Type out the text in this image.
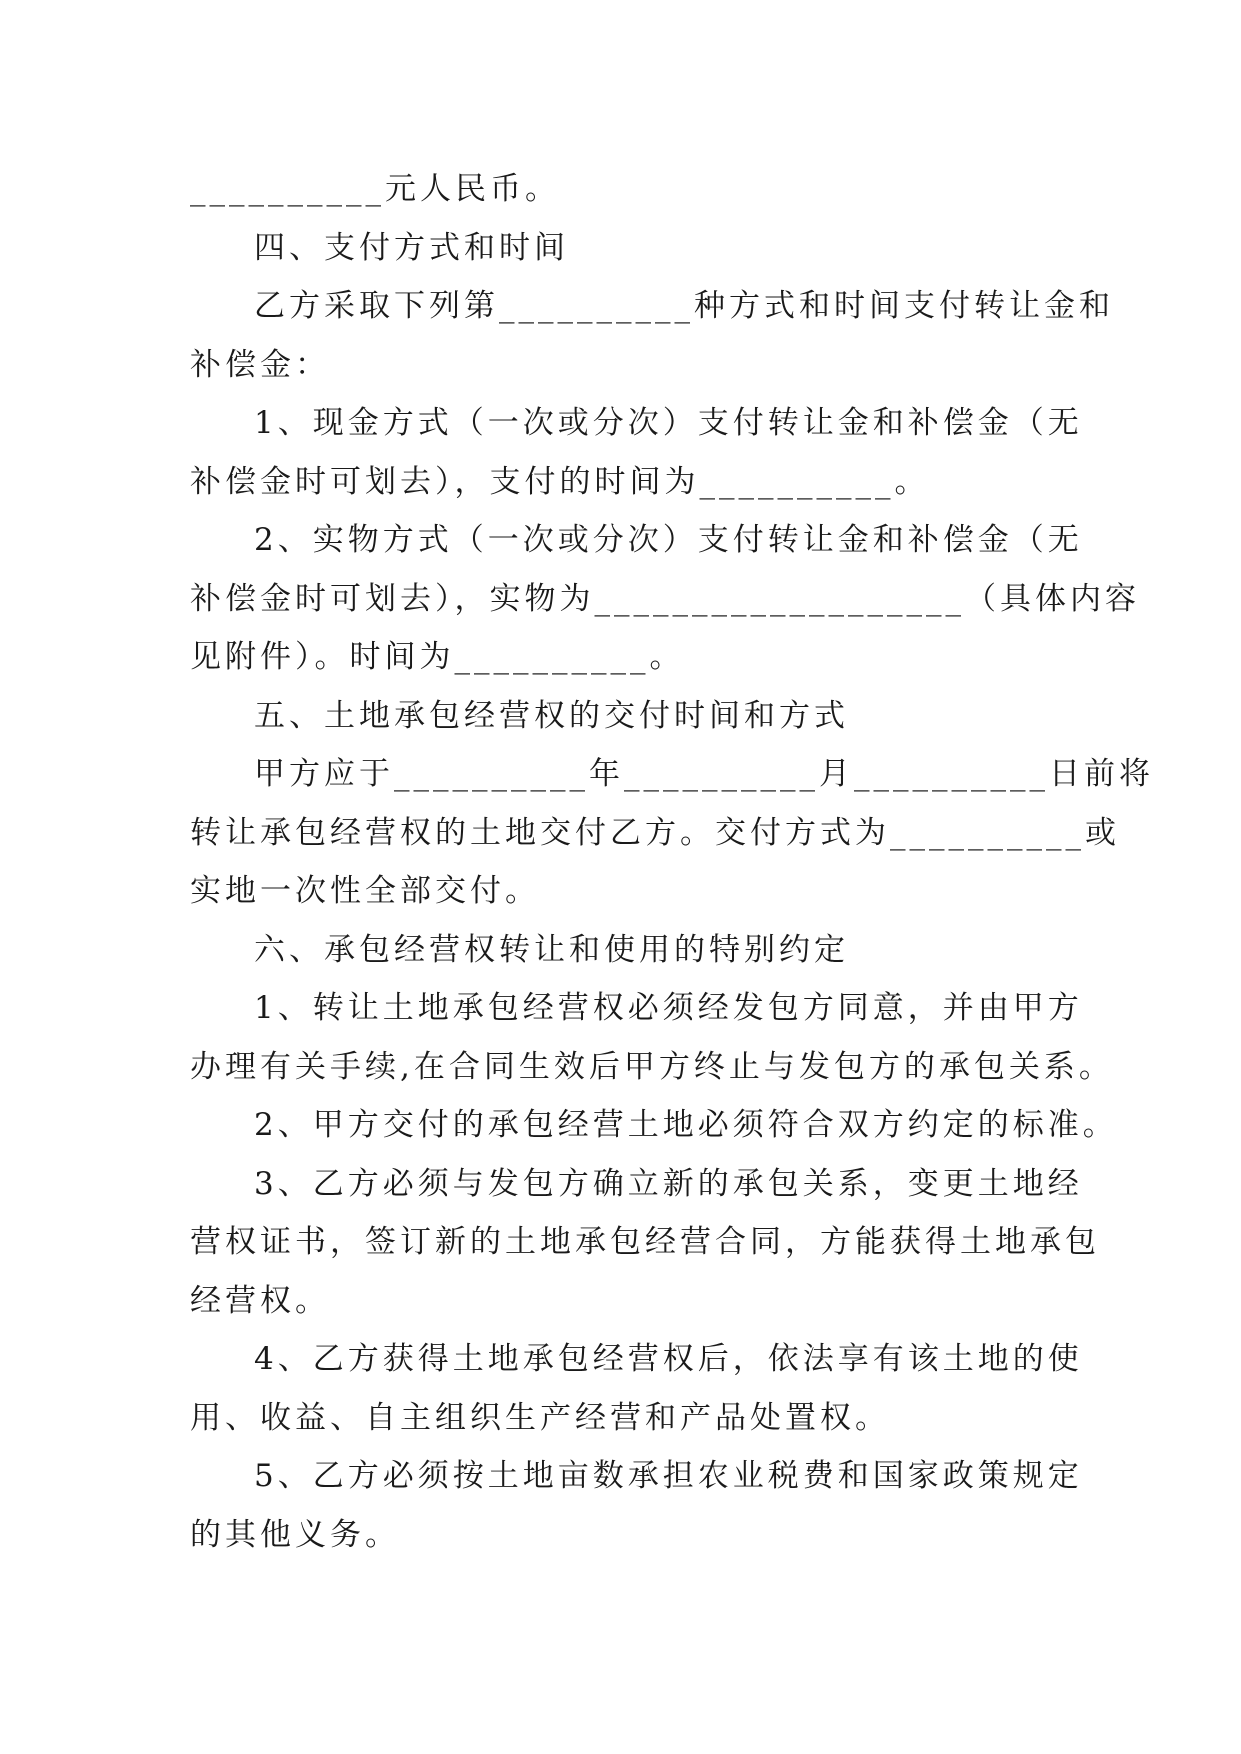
__________元人民币。
四、支付方式和时间
乙方采取下列第__________种方式和时间支付转让金和
补偿金：
1、现金方式（一次或分次）支付转让金和补偿金（无
补偿金时可划去），支付的时间为__________。
2、实物方式（一次或分次）支付转让金和补偿金（无
补偿金时可划去），实物为___________________（具体内容
见附件）。时间为__________。
五、土地承包经营权的交付时间和方式
甲方应于__________年__________月__________日前将
转让承包经营权的土地交付乙方。交付方式为__________或
实地一次性全部交付。
六、承包经营权转让和使用的特别约定
1、转让土地承包经营权必须经发包方同意，并由甲方
办理有关手续,在合同生效后甲方终止与发包方的承包关系。
2、甲方交付的承包经营土地必须符合双方约定的标准。
3、乙方必须与发包方确立新的承包关系，变更土地经
营权证书，签订新的土地承包经营合同，方能获得土地承包
经营权。
4、乙方获得土地承包经营权后，依法享有该土地的使
用、收益、自主组织生产经营和产品处置权。
5、乙方必须按土地亩数承担农业税费和国家政策规定
的其他义务。
